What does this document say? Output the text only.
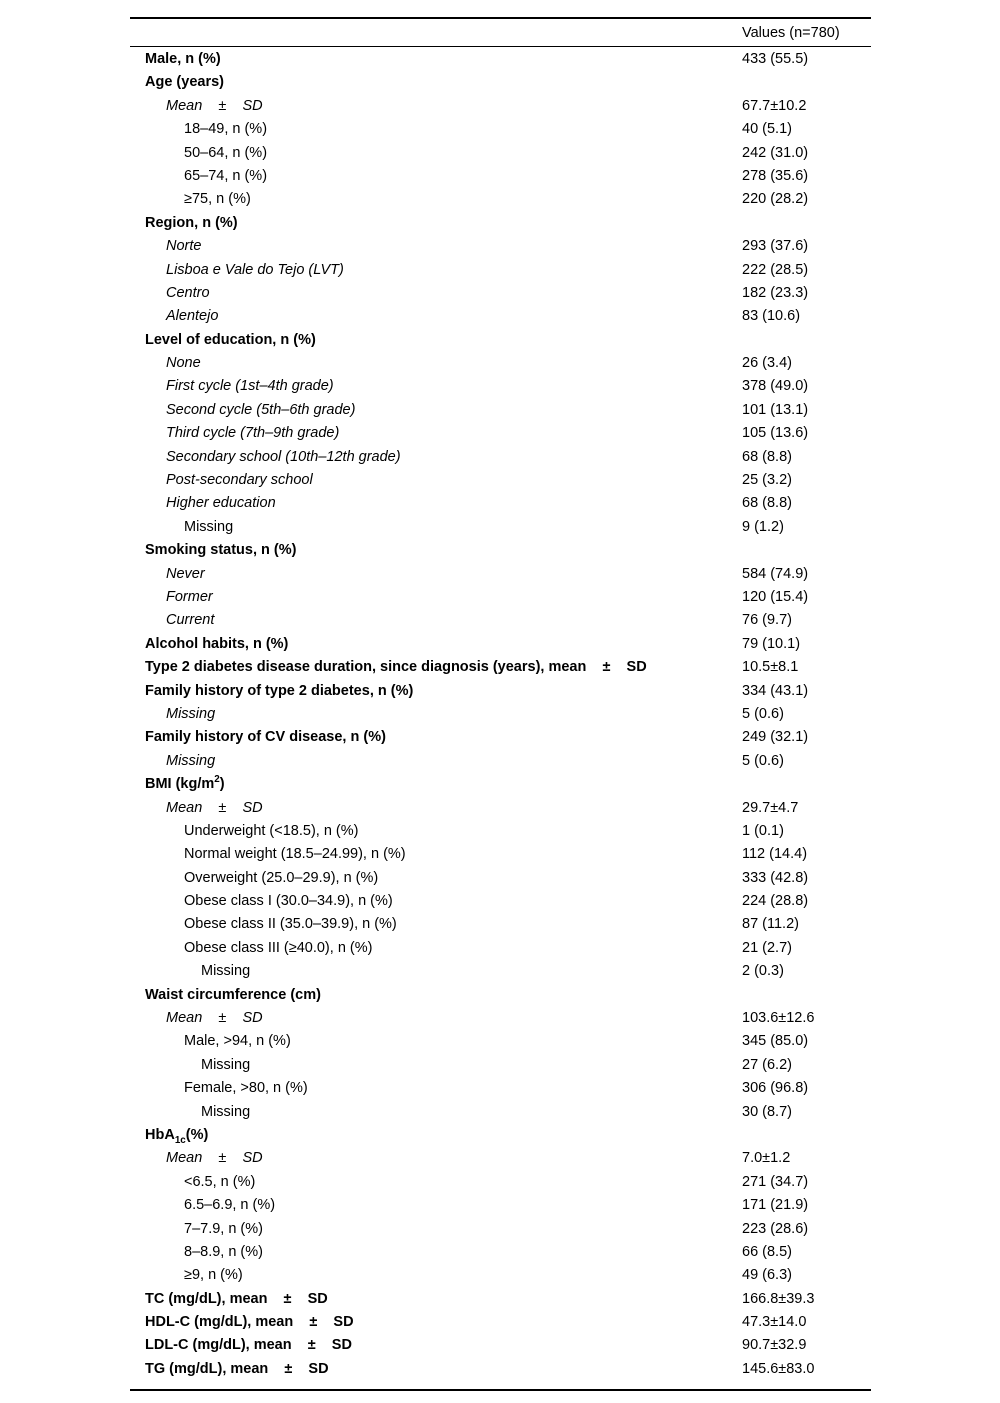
Values (n=780)
Male, n (%)	433 (55.5)
Age (years)
Mean    ±    SD	67.7±10.2
18–49, n (%)	40 (5.1)
50–64, n (%)	242 (31.0)
65–74, n (%)	278 (35.6)
≥75, n (%)	220 (28.2)
Region, n (%)
Norte	293 (37.6)
Lisboa e Vale do Tejo (LVT)	222 (28.5)
Centro	182 (23.3)
Alentejo	83 (10.6)
Level of education, n (%)
None	26 (3.4)
First cycle (1st–4th grade)	378 (49.0)
Second cycle (5th–6th grade)	101 (13.1)
Third cycle (7th–9th grade)	105 (13.6)
Secondary school (10th–12th grade)	68 (8.8)
Post-secondary school	25 (3.2)
Higher education	68 (8.8)
Missing	9 (1.2)
Smoking status, n (%)
Never	584 (74.9)
Former	120 (15.4)
Current	76 (9.7)
Alcohol habits, n (%)	79 (10.1)
Type 2 diabetes disease duration, since diagnosis (years), mean    ±    SD	10.5±8.1
Family history of type 2 diabetes, n (%)	334 (43.1)
Missing	5 (0.6)
Family history of CV disease, n (%)	249 (32.1)
Missing	5 (0.6)
BMI $(kg/m^2)$
Mean    ±    SD	29.7±4.7
Underweight (<18.5), n (%)	1 (0.1)
Normal weight (18.5–24.99), n (%)	112 (14.4)
Overweight (25.0–29.9), n (%)	333 (42.8)
Obese class I (30.0–34.9), n (%)	224 (28.8)
Obese class II (35.0–39.9), n (%)	87 (11.2)
Obese class III (≥40.0), n (%)	21 (2.7)
Missing	2 (0.3)
Waist circumference (cm)
Mean    ±    SD	103.6±12.6
Male, >94, n (%)	345 (85.0)
Missing	27 (6.2)
Female, >80, n (%)	306 (96.8)
Missing	30 (8.7)
HbA$_{1c}$(%)
Mean    ±    SD	7.0±1.2
<6.5, n (%)	271 (34.7)
6.5–6.9, n (%)	171 (21.9)
7–7.9, n (%)	223 (28.6)
8–8.9, n (%)	66 (8.5)
≥9, n (%)	49 (6.3)
TC (mg/dL), mean    ±    SD	166.8±39.3
HDL-C (mg/dL), mean    ±    SD	47.3±14.0
LDL-C (mg/dL), mean    ±    SD	90.7±32.9
TG (mg/dL), mean    ±    SD	145.6±83.0
